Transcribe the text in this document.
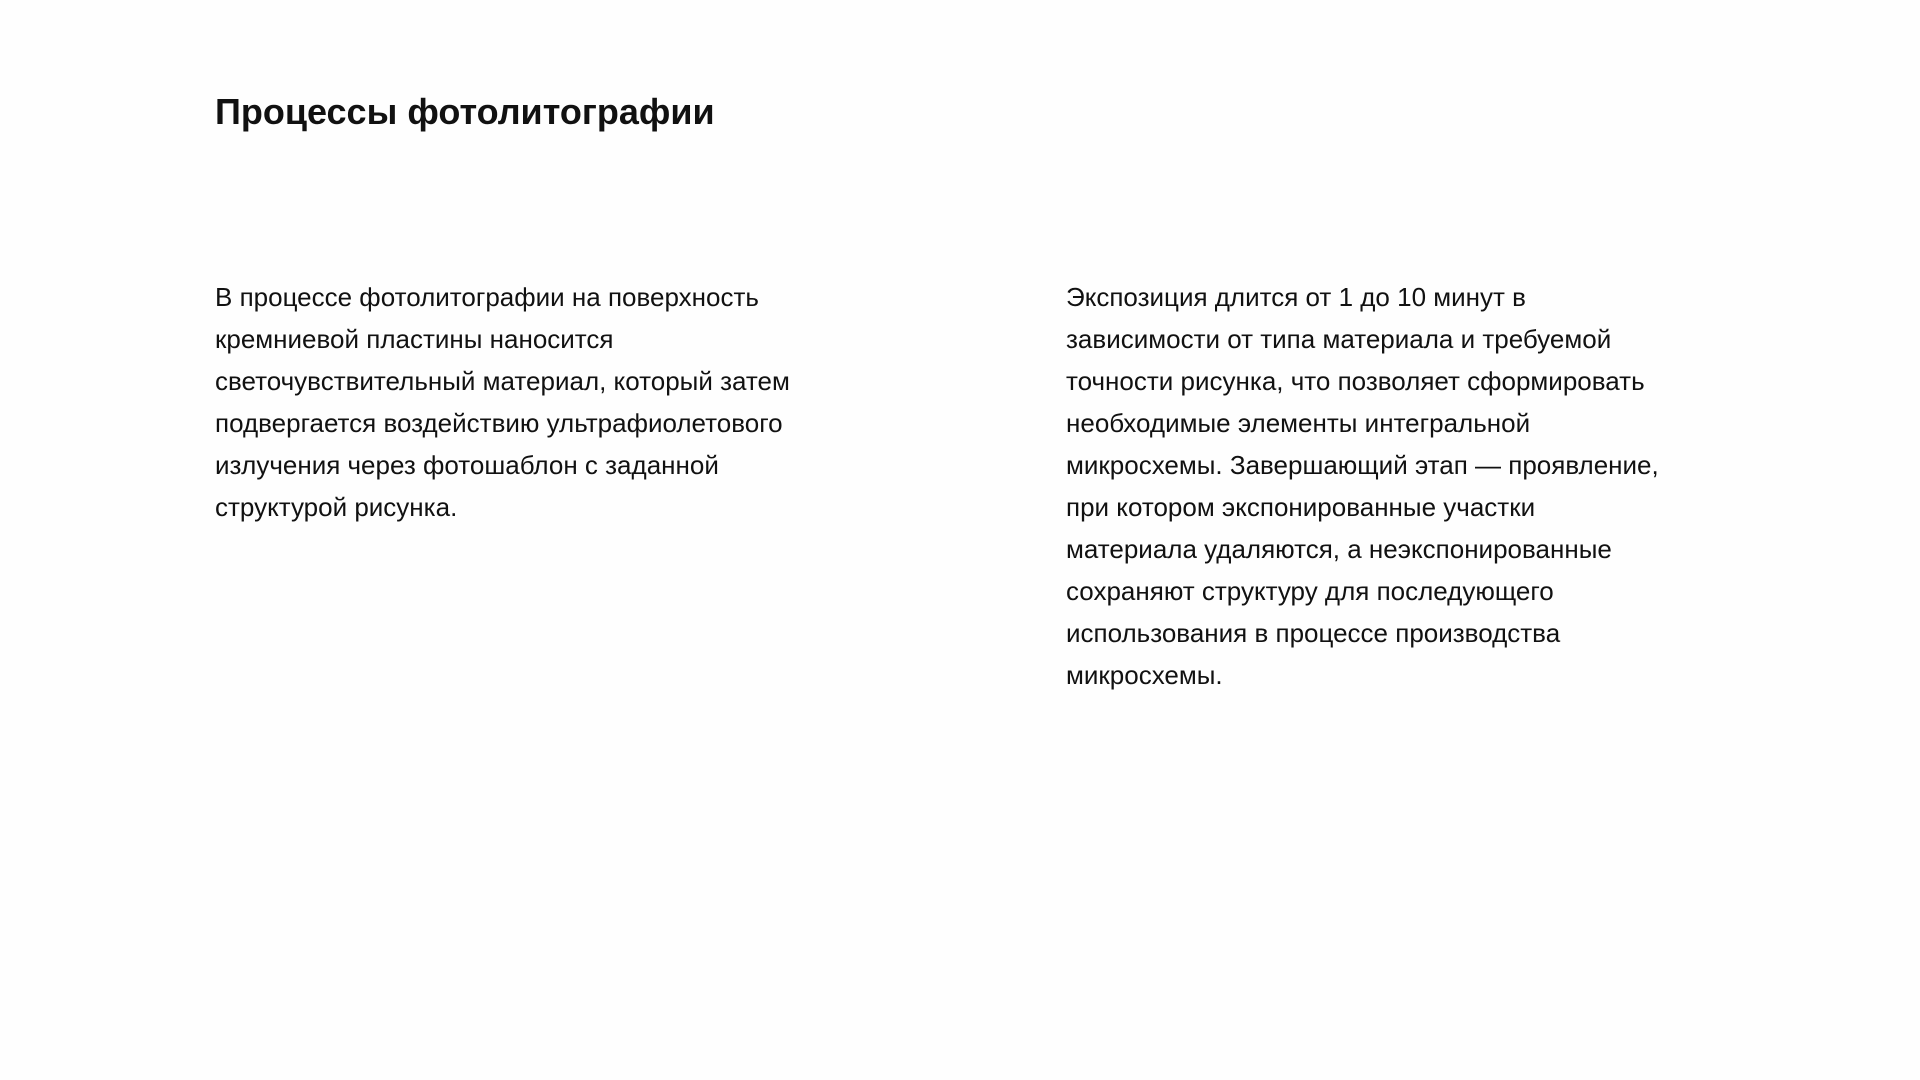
Процессы фотолитографии

В процессе фотолитографии на поверхность
кремниевой пластины наносится
светочувствительный материал, который затем
подвергается воздействию ультрафиолетового
излучения через фотошаблон с заданной
структурой рисунка.

Экспозиция длится от 1 до 10 минут в
зависимости от типа материала и требуемой
точности рисунка, что позволяет сформировать
необходимые элементы интегральной
микросхемы. Завершающий этап — проявление,
при котором экспонированные участки
материала удаляются, а неэкспонированные
сохраняют структуру для последующего
использования в процессе производства
микросхемы.
